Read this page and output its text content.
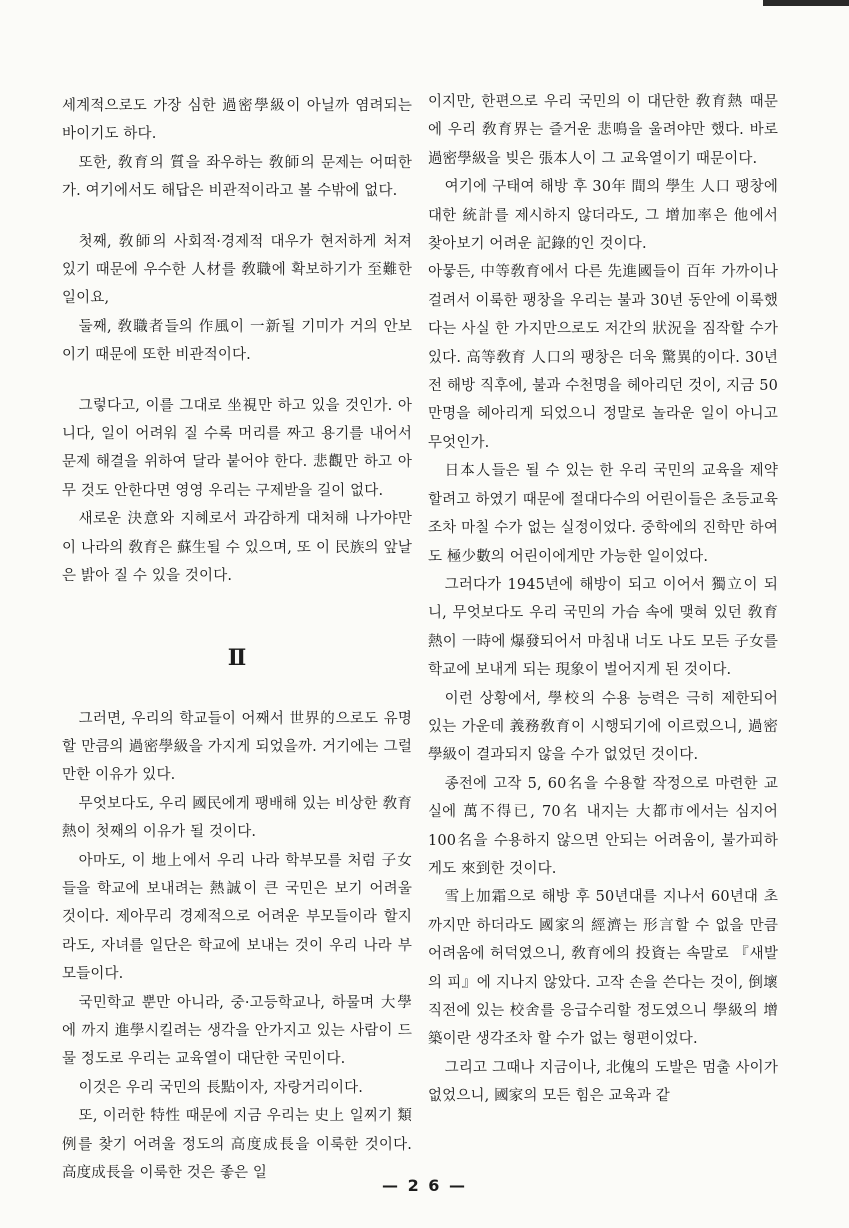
세계적으로도 가장 심한 過密學級이 아닐까 염려되는 바이기도 하다.

또한, 敎育의 質을 좌우하는 敎師의 문제는 어떠한가. 여기에서도 해답은 비관적이라고 볼 수밖에 없다.

첫째, 敎師의 사회적·경제적 대우가 현저하게 처져 있기 때문에 우수한 人材를 敎職에 확보하기가 至難한 일이요,

둘째, 敎職者들의 作風이 一新될 기미가 거의 안보이기 때문에 또한 비관적이다.

그렇다고, 이를 그대로 坐視만 하고 있을 것인가. 아니다, 일이 어려워 질 수록 머리를 짜고 용기를 내어서 문제 해결을 위하여 달라 붙어야 한다. 悲觀만 하고 아무 것도 안한다면 영영 우리는 구제받을 길이 없다.

새로운 決意와 지혜로서 과감하게 대처해 나가야만 이 나라의 敎育은 蘇生될 수 있으며, 또 이 民族의 앞날은 밝아 질 수 있을 것이다.

Ⅱ

그러면, 우리의 학교들이 어째서 世界的으로도 유명할 만큼의 過密學級을 가지게 되었을까. 거기에는 그럴만한 이유가 있다.

무엇보다도, 우리 國民에게 팽배해 있는 비상한 敎育熱이 첫째의 이유가 될 것이다.

아마도, 이 地上에서 우리 나라 학부모를 처럼 子女들을 학교에 보내려는 熱誠이 큰 국민은 보기 어려울 것이다. 제아무리 경제적으로 어려운 부모들이라 할지라도, 자녀를 일단은 학교에 보내는 것이 우리 나라 부모들이다.

국민학교 뿐만 아니라, 중·고등학교나, 하물며 大學에 까지 進學시킬려는 생각을 안가지고 있는 사람이 드물 정도로 우리는 교육열이 대단한 국민이다.

이것은 우리 국민의 長點이자, 자랑거리이다.

또, 이러한 特性 때문에 지금 우리는 史上 일찌기 類例를 찾기 어려울 정도의 高度成長을 이룩한 것이다. 高度成長을 이룩한 것은 좋은 일

이지만, 한편으로 우리 국민의 이 대단한 敎育熱 때문에 우리 敎育界는 즐거운 悲鳴을 울려야만 했다. 바로 過密學級을 빚은 張本人이 그 교육열이기 때문이다.

여기에 구태여 해방 후 30年 間의 學生 人口 팽창에 대한 統計를 제시하지 않더라도, 그 增加率은 他에서 찾아보기 어려운 記錄的인 것이다.

아뭏든, 中等敎育에서 다른 先進國들이 百年 가까이나 걸려서 이룩한 팽창을 우리는 불과 30년 동안에 이룩했다는 사실 한 가지만으로도 저간의 狀況을 짐작할 수가 있다. 高等敎育 人口의 팽창은 더욱 驚異的이다. 30년 전 해방 직후에, 불과 수천명을 헤아리던 것이, 지금 50만명을 헤아리게 되었으니 정말로 놀라운 일이 아니고 무엇인가.

日本人들은 될 수 있는 한 우리 국민의 교육을 제약할려고 하였기 때문에 절대다수의 어린이들은 초등교육 조차 마칠 수가 없는 실정이었다. 중학에의 진학만 하여도 極少數의 어린이에게만 가능한 일이었다.

그러다가 1945년에 해방이 되고 이어서 獨立이 되니, 무엇보다도 우리 국민의 가슴 속에 맺혀 있던 敎育熱이 一時에 爆發되어서 마침내 너도 나도 모든 子女를 학교에 보내게 되는 現象이 벌어지게 된 것이다.

이런 상황에서, 學校의 수용 능력은 극히 제한되어 있는 가운데 義務敎育이 시행되기에 이르렀으니, 過密學級이 결과되지 않을 수가 없었던 것이다.

종전에 고작 5, 60名을 수용할 작정으로 마련한 교실에 萬不得已, 70名 내지는 大都市에서는 심지어 100名을 수용하지 않으면 안되는 어려움이, 불가피하게도 來到한 것이다.

雪上加霜으로 해방 후 50년대를 지나서 60년대 초까지만 하더라도 國家의 經濟는 形言할 수 없을 만큼 어려움에 허덕였으니, 敎育에의 投資는 속말로 『새발의 피』에 지나지 않았다. 고작 손을 쓴다는 것이, 倒壞 직전에 있는 校舍를 응급수리할 정도였으니 學級의 增築이란 생각조차 할 수가 없는 형편이었다.

그리고 그때나 지금이나, 北傀의 도발은 멈출 사이가 없었으니, 國家의 모든 힘은 교육과 같

— 2 6 —
